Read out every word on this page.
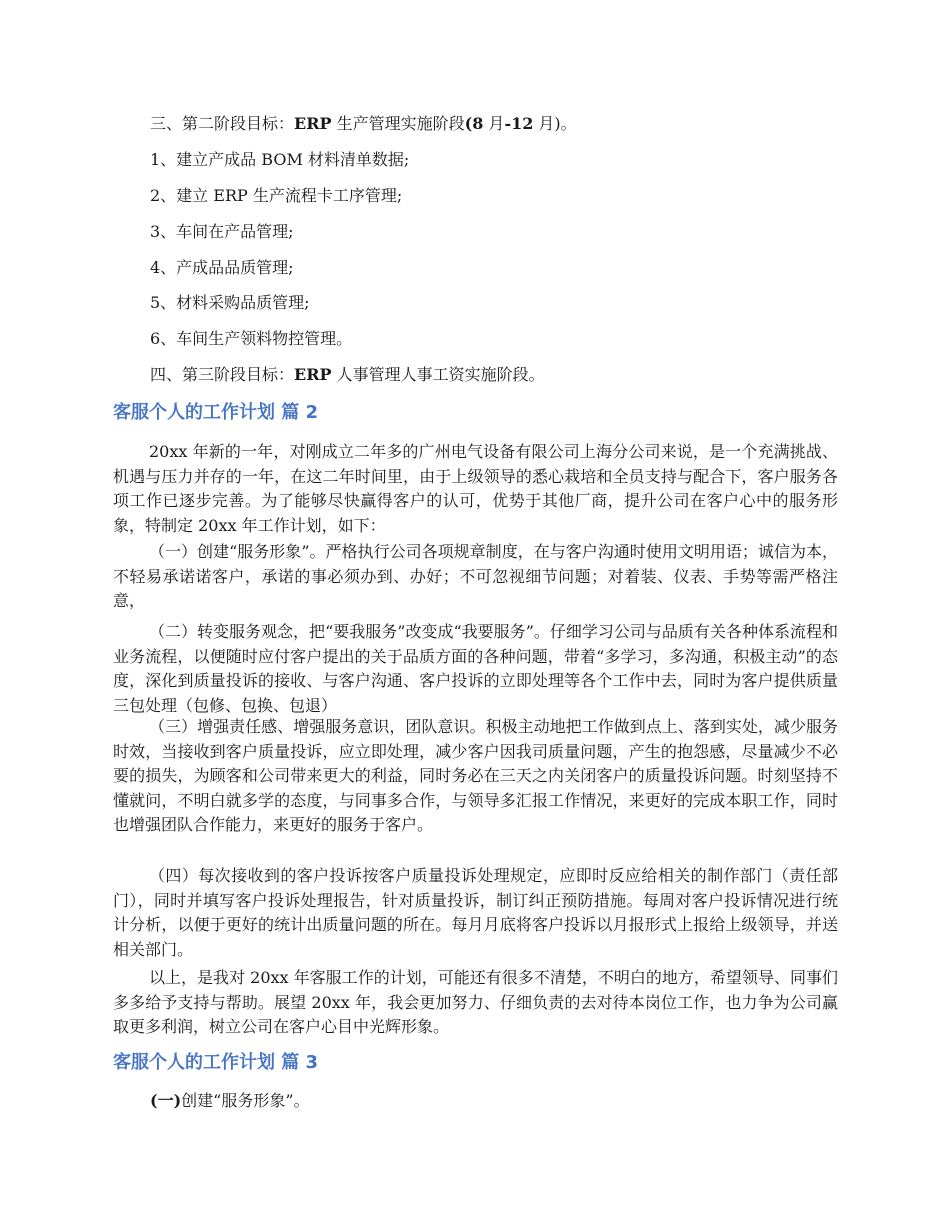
三、第二阶段目标：ERP 生产管理实施阶段(8 月-12 月)。
1、建立产成品 BOM 材料清单数据;
2、建立 ERP 生产流程卡工序管理;
3、车间在产品管理;
4、产成品品质管理;
5、材料采购品质管理;
6、车间生产领料物控管理。
四、第三阶段目标：ERP 人事管理人事工资实施阶段。
客服个人的工作计划 篇 2
20xx 年新的一年，对刚成立二年多的广州电气设备有限公司上海分公司来说，是一个充满挑战、机遇与压力并存的一年，在这二年时间里，由于上级领导的悉心栽培和全员支持与配合下，客户服务各项工作已逐步完善。为了能够尽快赢得客户的认可，优势于其他厂商，提升公司在客户心中的服务形象，特制定 20xx 年工作计划，如下：
（一）创建“服务形象”。严格执行公司各项规章制度，在与客户沟通时使用文明用语；诚信为本，不轻易承诺诺客户，承诺的事必须办到、办好；不可忽视细节问题；对着装、仪表、手势等需严格注意，
（二）转变服务观念，把“要我服务”改变成“我要服务”。仔细学习公司与品质有关各种体系流程和业务流程，以便随时应付客户提出的关于品质方面的各种问题，带着“多学习，多沟通，积极主动”的态度，深化到质量投诉的接收、与客户沟通、客户投诉的立即处理等各个工作中去，同时为客户提供质量三包处理（包修、包换、包退）
（三）增强责任感、增强服务意识，团队意识。积极主动地把工作做到点上、落到实处，减少服务时效，当接收到客户质量投诉，应立即处理，减少客户因我司质量问题，产生的抱怨感，尽量减少不必要的损失，为顾客和公司带来更大的利益，同时务必在三天之内关闭客户的质量投诉问题。时刻坚持不懂就问，不明白就多学的态度，与同事多合作，与领导多汇报工作情况，来更好的完成本职工作，同时也增强团队合作能力，来更好的服务于客户。
（四）每次接收到的客户投诉按客户质量投诉处理规定，应即时反应给相关的制作部门（责任部门），同时并填写客户投诉处理报告，针对质量投诉，制订纠正预防措施。每周对客户投诉情况进行统计分析，以便于更好的统计出质量问题的所在。每月月底将客户投诉以月报形式上报给上级领导，并送相关部门。
以上，是我对 20xx 年客服工作的计划，可能还有很多不清楚，不明白的地方，希望领导、同事们多多给予支持与帮助。展望 20xx 年，我会更加努力、仔细负责的去对待本岗位工作，也力争为公司赢取更多利润，树立公司在客户心目中光辉形象。
客服个人的工作计划 篇 3
(一)创建“服务形象”。
